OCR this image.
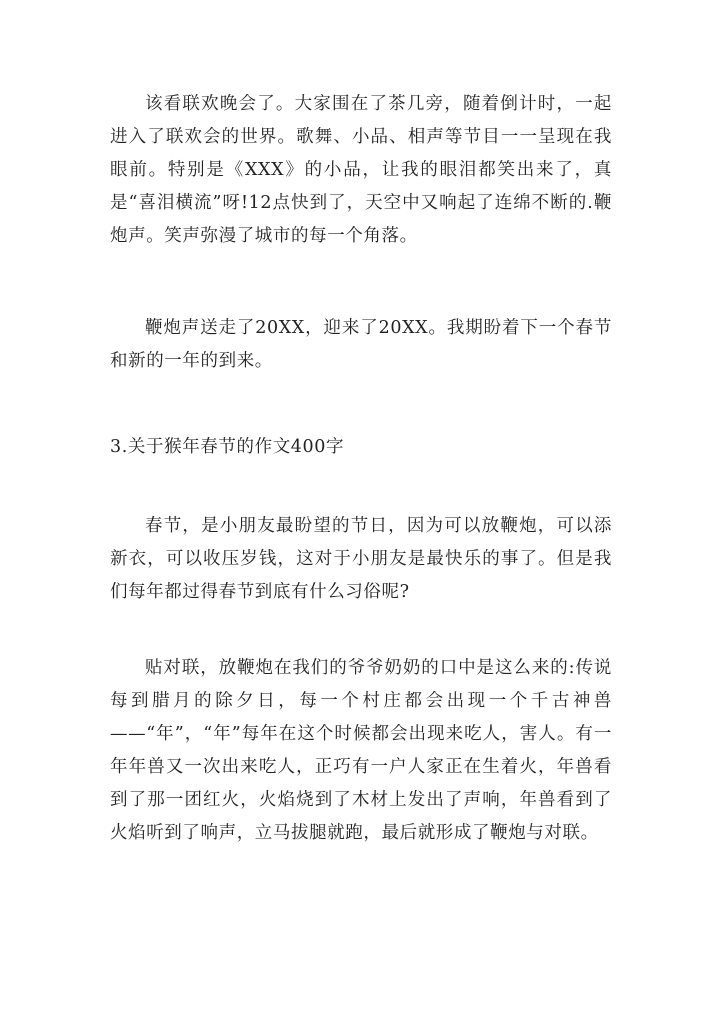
该看联欢晚会了。大家围在了茶几旁，随着倒计时，一起进入了联欢会的世界。歌舞、小品、相声等节目一一呈现在我眼前。特别是《XXX》的小品，让我的眼泪都笑出来了，真是“喜泪横流”呀!12点快到了，天空中又响起了连绵不断的.鞭炮声。笑声弥漫了城市的每一个角落。

鞭炮声送走了20XX，迎来了20XX。我期盼着下一个春节和新的一年的到来。

3.关于猴年春节的作文400字

春节，是小朋友最盼望的节日，因为可以放鞭炮，可以添新衣，可以收压岁钱，这对于小朋友是最快乐的事了。但是我们每年都过得春节到底有什么习俗呢?

贴对联，放鞭炮在我们的爷爷奶奶的口中是这么来的:传说每到腊月的除夕日，每一个村庄都会出现一个千古神兽——“年”，“年”每年在这个时候都会出现来吃人，害人。有一年年兽又一次出来吃人，正巧有一户人家正在生着火，年兽看到了那一团红火，火焰烧到了木材上发出了声响，年兽看到了火焰听到了响声，立马拔腿就跑，最后就形成了鞭炮与对联。
